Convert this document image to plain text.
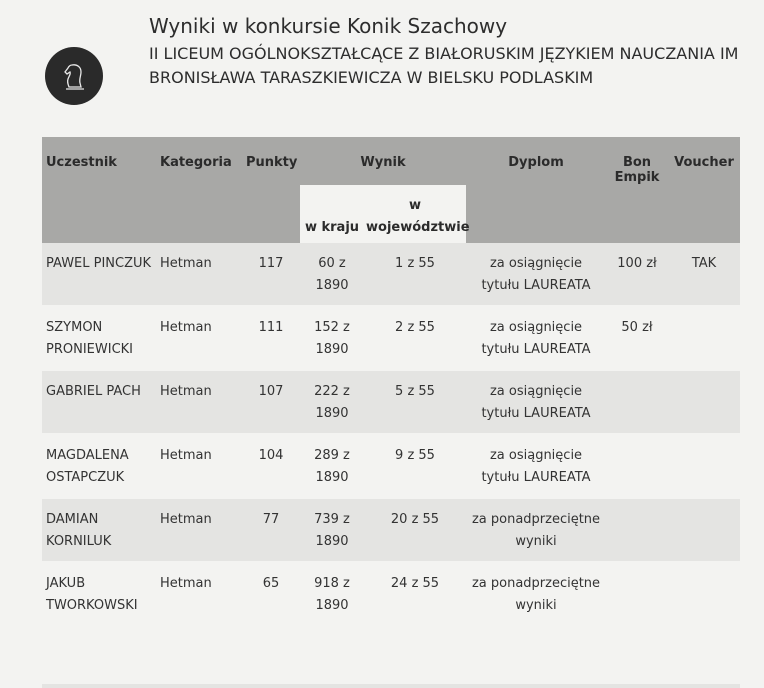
Wyniki w konkursie Konik Szachowy
II LICEUM OGÓLNOKSZTAŁCĄCE Z BIAŁORUSKIM JĘZYKIEM NAUCZANIA IM BRONISŁAWA TARASZKIEWICZA W BIELSKU PODLASKIM
Uczestnik	Kategoria	Punkty	Wynik		Dyplom	Bon Empik	Voucher
			w kraju	w województwie			
PAWEL PINCZUK	Hetman	117	60 z 1890	1 z 55	za osiągnięcie tytułu LAUREATA	100 zł	TAK
SZYMON PRONIEWICKI	Hetman	111	152 z 1890	2 z 55	za osiągnięcie tytułu LAUREATA	50 zł	
GABRIEL PACH	Hetman	107	222 z 1890	5 z 55	za osiągnięcie tytułu LAUREATA		
MAGDALENA OSTAPCZUK	Hetman	104	289 z 1890	9 z 55	za osiągnięcie tytułu LAUREATA		
DAMIAN KORNILUK	Hetman	77	739 z 1890	20 z 55	za ponadprzeciętne wyniki		
JAKUB TWORKOWSKI	Hetman	65	918 z 1890	24 z 55	za ponadprzeciętne wyniki		
